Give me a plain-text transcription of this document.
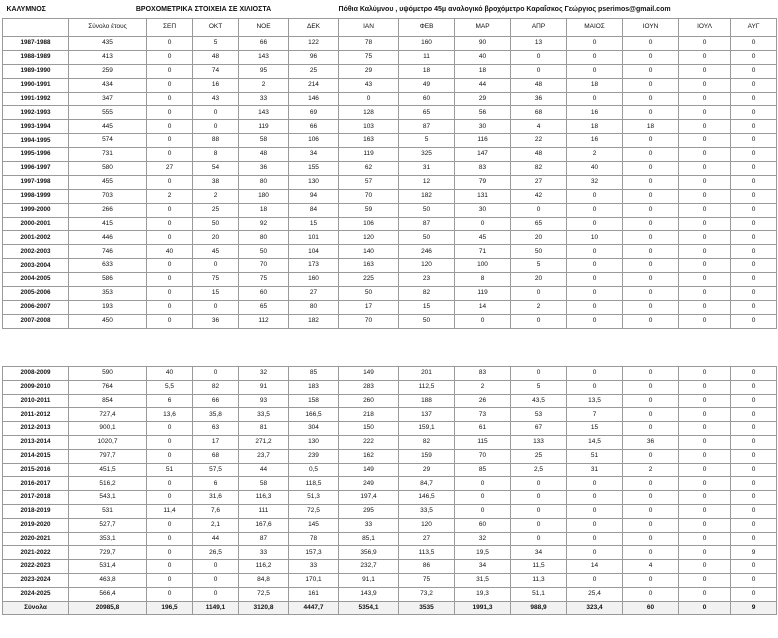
ΚΑΛΥΜΝΟΣ	ΒΡΟΧΟΜΕΤΡΙΚΑ ΣΤΟΙΧΕΙΑ ΣΕ ΧΙΛΙΟΣΤΑ					Πόθια Καλύμνου , υψόμετρο 45μ αναλογικό βροχόμετρο Καραΐσκος Γεώργιος pserimos@gmail.com							
	Σύνολο έτους	ΣΕΠ	ΟΚΤ	ΝΟΕ	ΔΕΚ	ΙΑΝ	ΦΕΒ	ΜΑΡ	ΑΠΡ	ΜΑΙΟΣ	ΙΟΥΝ	ΙΟΥΛ	ΑΥΓ
1987-1988	435	0	5	66	122	78	160	90	13	0	0	0	0
1988-1989	413	0	48	143	96	75	11	40	0	0	0	0	0
1989-1990	259	0	74	95	25	29	18	18	0	0	0	0	0
1990-1991	434	0	16	2	214	43	49	44	48	18	0	0	0
1991-1992	347	0	43	33	146	0	60	29	36	0	0	0	0
1992-1993	555	0	0	143	69	128	65	56	68	16	0	0	0
1993-1994	445	0	0	119	66	103	87	30	4	18	18	0	0
1994-1995	574	0	88	58	106	163	5	116	22	16	0	0	0
1995-1996	731	0	8	48	34	119	325	147	48	2	0	0	0
1996-1997	580	27	54	36	155	62	31	83	82	40	0	0	0
1997-1998	455	0	38	80	130	57	12	79	27	32	0	0	0
1998-1999	703	2	2	180	94	70	182	131	42	0	0	0	0
1999-2000	266	0	25	18	84	59	50	30	0	0	0	0	0
2000-2001	415	0	50	92	15	106	87	0	65	0	0	0	0
2001-2002	446	0	20	80	101	120	50	45	20	10	0	0	0
2002-2003	746	40	45	50	104	140	246	71	50	0	0	0	0
2003-2004	633	0	0	70	173	163	120	100	5	0	0	0	0
2004-2005	586	0	75	75	160	225	23	8	20	0	0	0	0
2005-2006	353	0	15	60	27	50	82	119	0	0	0	0	0
2006-2007	193	0	0	65	80	17	15	14	2	0	0	0	0
2007-2008	450	0	36	112	182	70	50	0	0	0	0	0	0
2008-2009	590	40	0	32	85	149	201	83	0	0	0	0	0
2009-2010	764	5,5	82	91	183	283	112,5	2	5	0	0	0	0
2010-2011	854	6	66	93	158	260	188	26	43,5	13,5	0	0	0
2011-2012	727,4	13,6	35,8	33,5	166,5	218	137	73	53	7	0	0	0
2012-2013	900,1	0	63	81	304	150	159,1	61	67	15	0	0	0
2013-2014	1020,7	0	17	271,2	130	222	82	115	133	14,5	36	0	0
2014-2015	797,7	0	68	23,7	239	162	159	70	25	51	0	0	0
2015-2016	451,5	51	57,5	44	0,5	149	29	85	2,5	31	2	0	0
2016-2017	516,2	0	6	58	118,5	249	84,7	0	0	0	0	0	0
2017-2018	543,1	0	31,6	116,3	51,3	197,4	146,5	0	0	0	0	0	0
2018-2019	531	11,4	7,6	111	72,5	295	33,5	0	0	0	0	0	0
2019-2020	527,7	0	2,1	167,6	145	33	120	60	0	0	0	0	0
2020-2021	353,1	0	44	87	78	85,1	27	32	0	0	0	0	0
2021-2022	729,7	0	26,5	33	157,3	356,9	113,5	19,5	34	0	0	0	9
2022-2023	531,4	0	0	116,2	33	232,7	86	34	11,5	14	4	0	0
2023-2024	463,8	0	0	84,8	170,1	91,1	75	31,5	11,3	0	0	0	0
2024-2025	566,4	0	0	72,5	161	143,9	73,2	19,3	51,1	25,4	0	0	0
Σύνολα	20985,8	196,5	1149,1	3120,8	4447,7	5354,1	3535	1991,3	988,9	323,4	60	0	9
